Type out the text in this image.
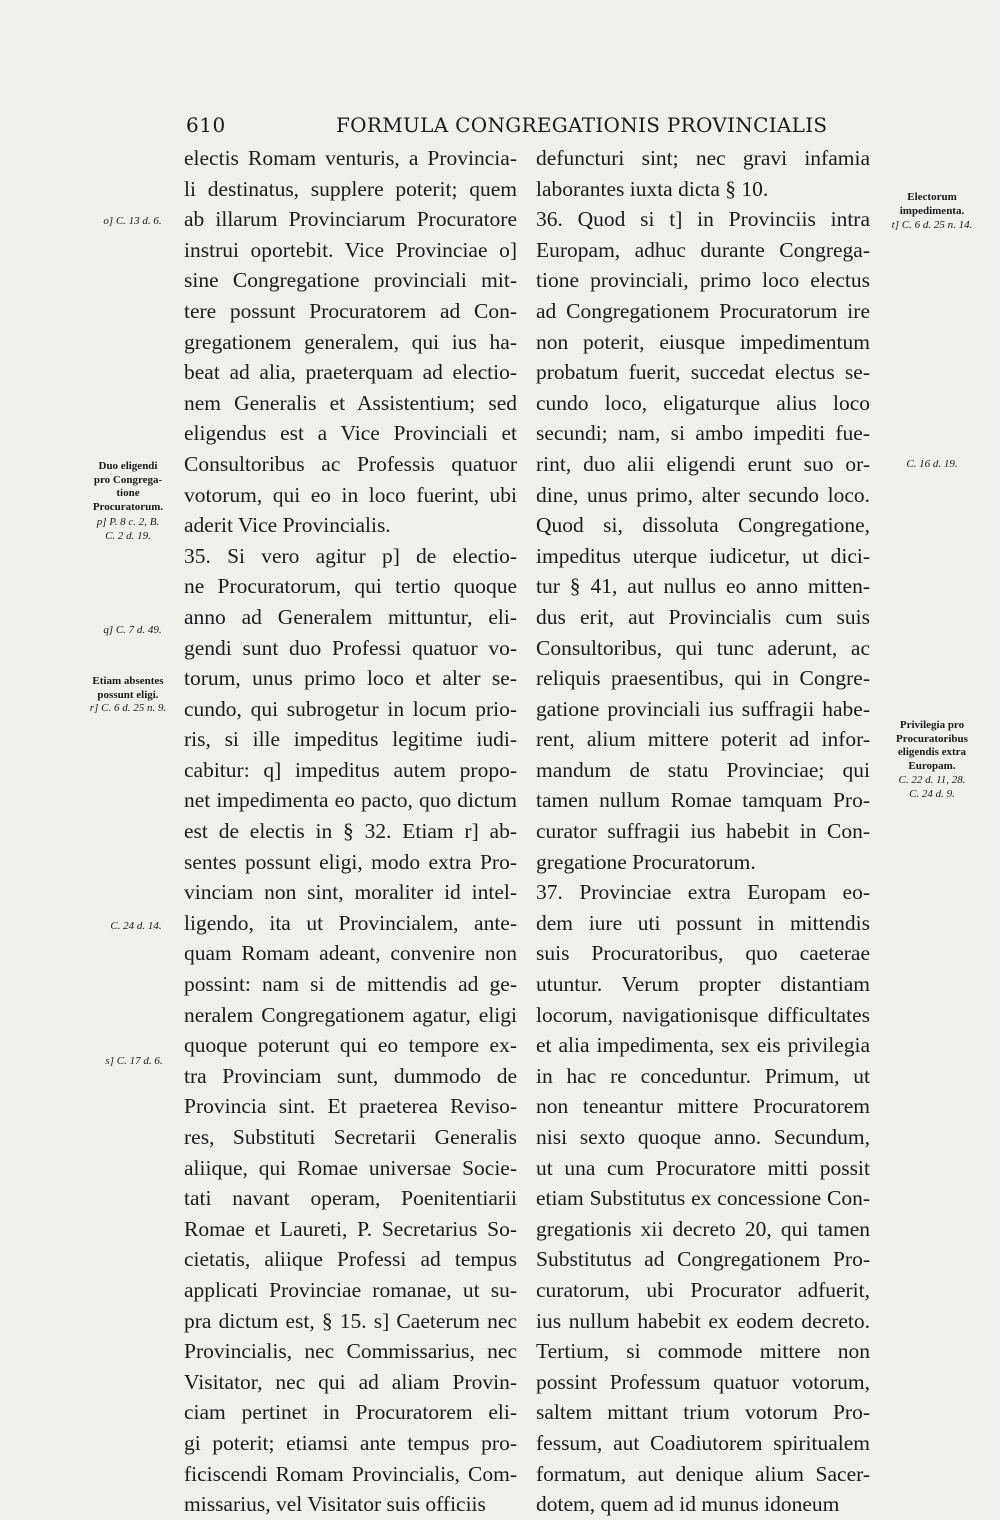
610	FORMULA CONGREGATIONIS PROVINCIALIS
electis Romam venturis, a Provincia-
li destinatus, supplere poterit; quem
ab illarum Provinciarum Procuratore
instrui oportebit. Vice Provinciae o]
sine Congregatione provinciali mit-
tere possunt Procuratorem ad Con-
gregationem generalem, qui ius ha-
beat ad alia, praeterquam ad electio-
nem Generalis et Assistentium; sed
eligendus est a Vice Provinciali et
Consultoribus ac Professis quatuor
votorum, qui eo in loco fuerint, ubi
aderit Vice Provincialis.
35. Si vero agitur p] de electio-
ne Procuratorum, qui tertio quoque
anno ad Generalem mittuntur, eli-
gendi sunt duo Professi quatuor vo-
torum, unus primo loco et alter se-
cundo, qui subrogetur in locum prio-
ris, si ille impeditus legitime iudi-
cabitur: q] impeditus autem propo-
net impedimenta eo pacto, quo dictum
est de electis in § 32. Etiam r] ab-
sentes possunt eligi, modo extra Pro-
vinciam non sint, moraliter id intel-
ligendo, ita ut Provincialem, ante-
quam Romam adeant, convenire non
possint: nam si de mittendis ad ge-
neralem Congregationem agatur, eligi
quoque poterunt qui eo tempore ex-
tra Provinciam sunt, dummodo de
Provincia sint. Et praeterea Reviso-
res, Substituti Secretarii Generalis
aliique, qui Romae universae Socie-
tati navant operam, Poenitentiarii
Romae et Laureti, P. Secretarius So-
cietatis, aliique Professi ad tempus
applicati Provinciae romanae, ut su-
pra dictum est, § 15. s] Caeterum nec
Provincialis, nec Commissarius, nec
Visitator, nec qui ad aliam Provin-
ciam pertinet in Procuratorem eli-
gi poterit; etiamsi ante tempus pro-
ficiscendi Romam Provincialis, Com-
missarius, vel Visitator suis officiis
defuncturi sint; nec gravi infamia
laborantes iuxta dicta § 10.
36. Quod si t] in Provinciis intra
Europam, adhuc durante Congrega-
tione provinciali, primo loco electus
ad Congregationem Procuratorum ire
non poterit, eiusque impedimentum
probatum fuerit, succedat electus se-
cundo loco, eligaturque alius loco
secundi; nam, si ambo impediti fue-
rint, duo alii eligendi erunt suo or-
dine, unus primo, alter secundo loco.
Quod si, dissoluta Congregatione,
impeditus uterque iudicetur, ut dici-
tur § 41, aut nullus eo anno mitten-
dus erit, aut Provincialis cum suis
Consultoribus, qui tunc aderunt, ac
reliquis praesentibus, qui in Congre-
gatione provinciali ius suffragii habe-
rent, alium mittere poterit ad infor-
mandum de statu Provinciae; qui
tamen nullum Romae tamquam Pro-
curator suffragii ius habebit in Con-
gregatione Procuratorum.
37. Provinciae extra Europam eo-
dem iure uti possunt in mittendis
suis Procuratoribus, quo caeterae
utuntur. Verum propter distantiam
locorum, navigationisque difficultates
et alia impedimenta, sex eis privilegia
in hac re conceduntur. Primum, ut
non teneantur mittere Procuratorem
nisi sexto quoque anno. Secundum,
ut una cum Procuratore mitti possit
etiam Substitutus ex concessione Con-
gregationis xii decreto 20, qui tamen
Substitutus ad Congregationem Pro-
curatorum, ubi Procurator adfuerit,
ius nullum habebit ex eodem decreto.
Tertium, si commode mittere non
possint Professum quatuor votorum,
saltem mittant trium votorum Pro-
fessum, aut Coadiutorem spiritualem
formatum, aut denique alium Sacer-
dotem, quem ad id munus idoneum
o] C. 13 d. 6.
Duo eligendi
pro Congrega-
tione
Procuratorum.
p] P. 8 c. 2, B.
C. 2 d. 19.
q] C. 7 d. 49.
Etiam absentes
possunt eligi.
r] C. 6 d. 25 n. 9.
C. 24 d. 14.
s] C. 17 d. 6.
Electorum
impedimenta.
t] C. 6 d. 25 n. 14.
C. 16 d. 19.
Privilegia pro
Procuratoribus
eligendis extra
Europam.
C. 22 d. 11, 28.
C. 24 d. 9.
